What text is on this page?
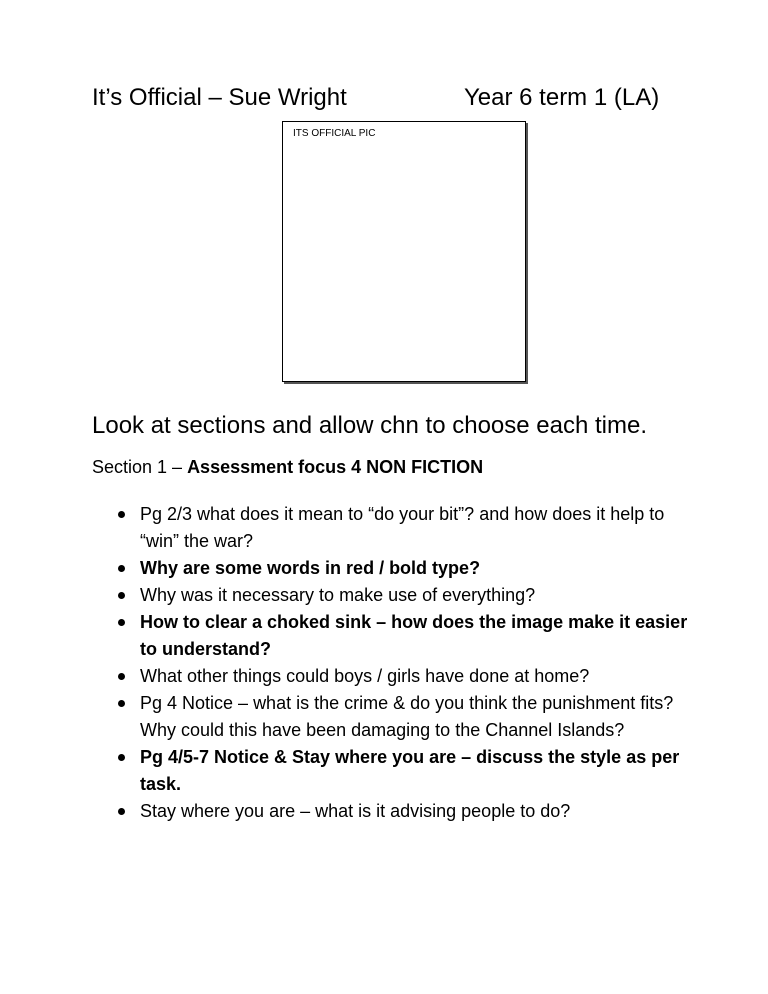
It’s Official – Sue Wright	Year 6 term 1 (LA)
ITS OFFICIAL PIC
Look at sections and allow chn to choose each time.
Section 1 – Assessment focus 4 NON FICTION
Pg 2/3 what does it mean to “do your bit”? and how does it help to “win” the war?
Why are some words in red / bold type?
Why was it necessary to make use of everything?
How to clear a choked sink – how does the image make it easier to understand?
What other things could boys / girls have done at home?
Pg 4 Notice – what is the crime & do you think the punishment fits? Why could this have been damaging to the Channel Islands?
Pg 4/5-7 Notice & Stay where you are – discuss the style as per task.
Stay where you are – what is it advising people to do?
